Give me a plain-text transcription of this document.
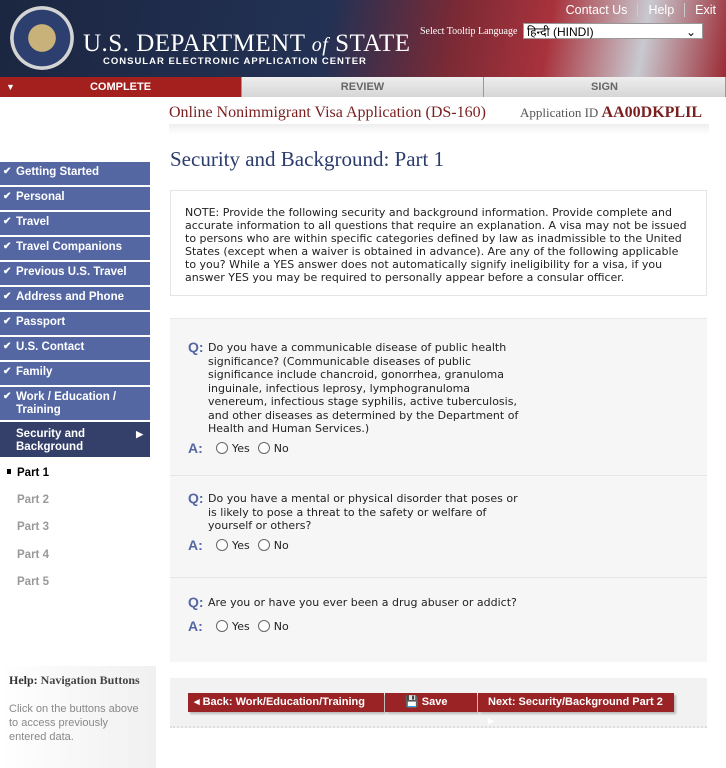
U.S. DEPARTMENT of STATE
CONSULAR ELECTRONIC APPLICATION CENTER
Contact Us	Help	Exit
Select Tooltip Language हिन्दी (HINDI)	⌄
▼ COMPLETE	REVIEW	SIGN
Online Nonimmigrant Visa Application (DS-160)	Application ID AA00DKPLIL
✔ Getting Started
✔ Personal
✔ Travel
✔ Travel Companions
✔ Previous U.S. Travel
✔ Address and Phone
✔ Passport
✔ U.S. Contact
✔ Family
✔ Work / Education / Training
Security and Background ▶
Part 1
Part 2
Part 3
Part 4
Part 5
Help: Navigation Buttons

Click on the buttons above to access previously entered data.

Security and Background: Part 1
NOTE: Provide the following security and background information. Provide complete and accurate information to all questions that require an explanation. A visa may not be issued to persons who are within specific categories defined by law as inadmissible to the United States (except when a waiver is obtained in advance). Are any of the following applicable to you? While a YES answer does not automatically signify ineligibility for a visa, if you answer YES you may be required to personally appear before a consular officer.
Q: Do you have a communicable disease of public health significance? (Communicable diseases of public significance include chancroid, gonorrhea, granuloma inguinale, infectious leprosy, lymphogranuloma venereum, infectious stage syphilis, active tuberculosis, and other diseases as determined by the Department of Health and Human Services.)
A:	Yes No
Q: Do you have a mental or physical disorder that poses or is likely to pose a threat to the safety or welfare of yourself or others?
A:	Yes No
Q: Are you or have you ever been a drug abuser or addict?
A:	Yes No
◂ Back: Work/Education/Training	💾 Save	Next: Security/Background Part 2 ▸
